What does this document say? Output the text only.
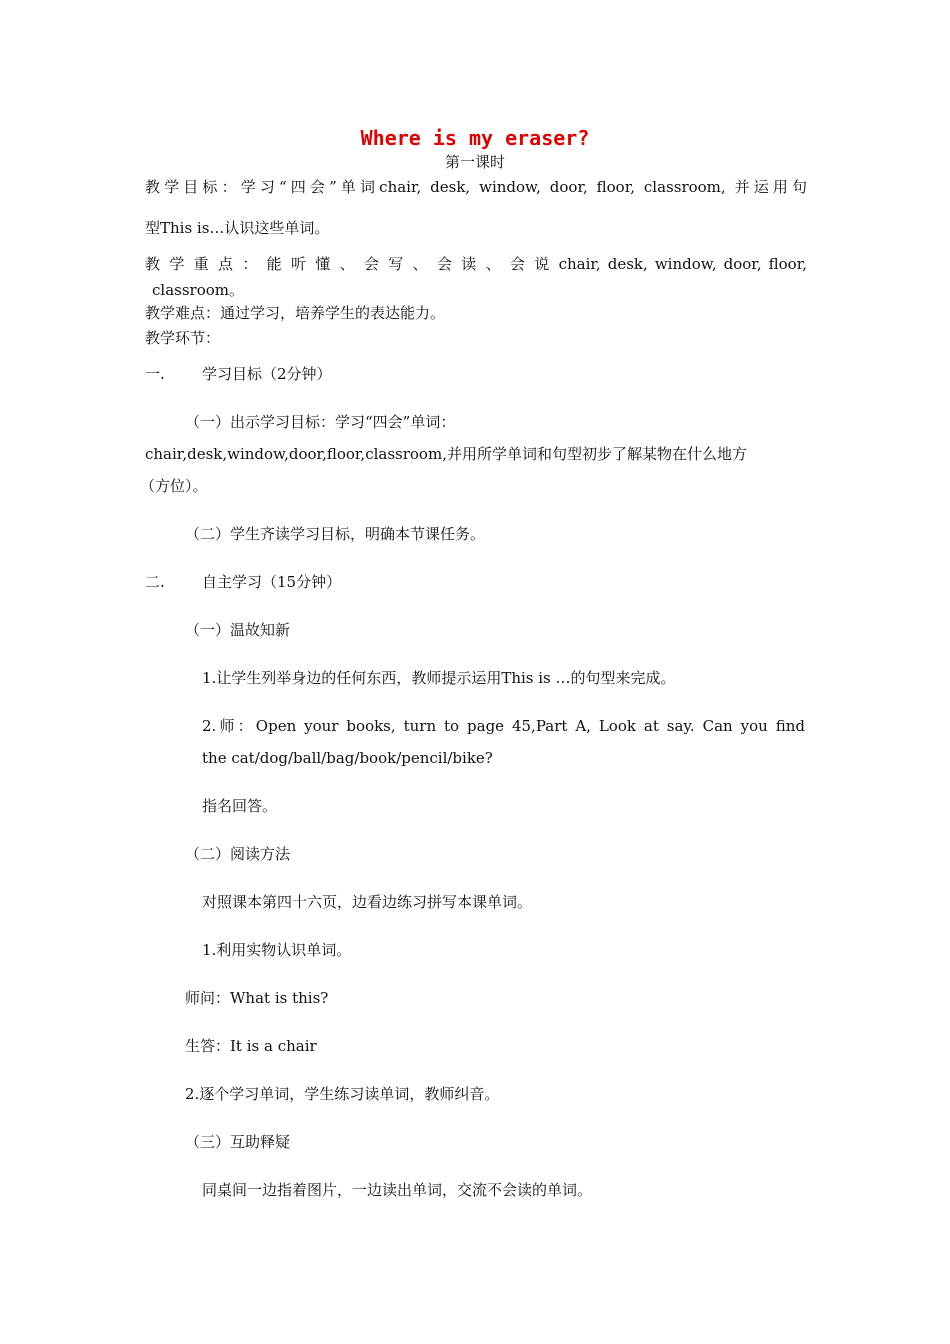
Where is my eraser?
第一课时
教学目标：学习“四会”单词chair, desk, window, door, floor, classroom, 并运用句
型This is…认识这些单词。
教 学 重 点 ： 能 听 懂 、 会 写 、 会 读 、 会 说 chair, desk, window, door, floor,
classroom。
教学难点：通过学习，培养学生的表达能力。
教学环节：
一. 学习目标（2分钟）
（一）出示学习目标：学习“四会”单词：
chair,desk,window,door,floor,classroom,并用所学单词和句型初步了解某物在什么地方
（方位）。
（二）学生齐读学习目标，明确本节课任务。
二. 自主学习（15分钟）
（一）温故知新
1.让学生列举身边的任何东西，教师提示运用This is …的句型来完成。
2.师：Open your books, turn to page 45,Part A, Look at say. Can you find
the cat/dog/ball/bag/book/pencil/bike?
指名回答。
（二）阅读方法
对照课本第四十六页，边看边练习拼写本课单词。
1.利用实物认识单词。
师问：What is this?
生答：It is a chair
2.逐个学习单词，学生练习读单词，教师纠音。
（三）互助释疑
同桌间一边指着图片，一边读出单词，交流不会读的单词。
